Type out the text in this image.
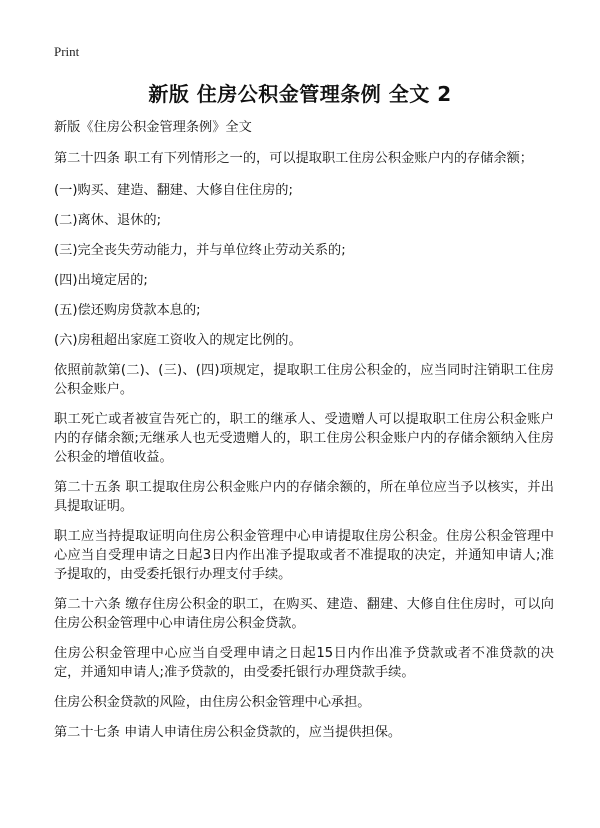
Print
新版 住房公积金管理条例 全文 2

新版《住房公积金管理条例》全文

第二十四条 职工有下列情形之一的，可以提取职工住房公积金账户内的存储余额；

(一)购买、建造、翻建、大修自住住房的;

(二)离休、退休的;

(三)完全丧失劳动能力，并与单位终止劳动关系的;

(四)出境定居的;

(五)偿还购房贷款本息的;

(六)房租超出家庭工资收入的规定比例的。

依照前款第(二)、(三)、(四)项规定，提取职工住房公积金的，应当同时注销职工住房公积金账户。

职工死亡或者被宣告死亡的，职工的继承人、受遗赠人可以提取职工住房公积金账户内的存储余额;无继承人也无受遗赠人的，职工住房公积金账户内的存储余额纳入住房公积金的增值收益。

第二十五条 职工提取住房公积金账户内的存储余额的，所在单位应当予以核实，并出具提取证明。

职工应当持提取证明向住房公积金管理中心申请提取住房公积金。住房公积金管理中心应当自受理申请之日起3日内作出准予提取或者不准提取的决定，并通知申请人;准予提取的，由受委托银行办理支付手续。

第二十六条 缴存住房公积金的职工，在购买、建造、翻建、大修自住住房时，可以向住房公积金管理中心申请住房公积金贷款。

住房公积金管理中心应当自受理申请之日起15日内作出准予贷款或者不准贷款的决定，并通知申请人;准予贷款的，由受委托银行办理贷款手续。

住房公积金贷款的风险，由住房公积金管理中心承担。

第二十七条 申请人申请住房公积金贷款的，应当提供担保。
